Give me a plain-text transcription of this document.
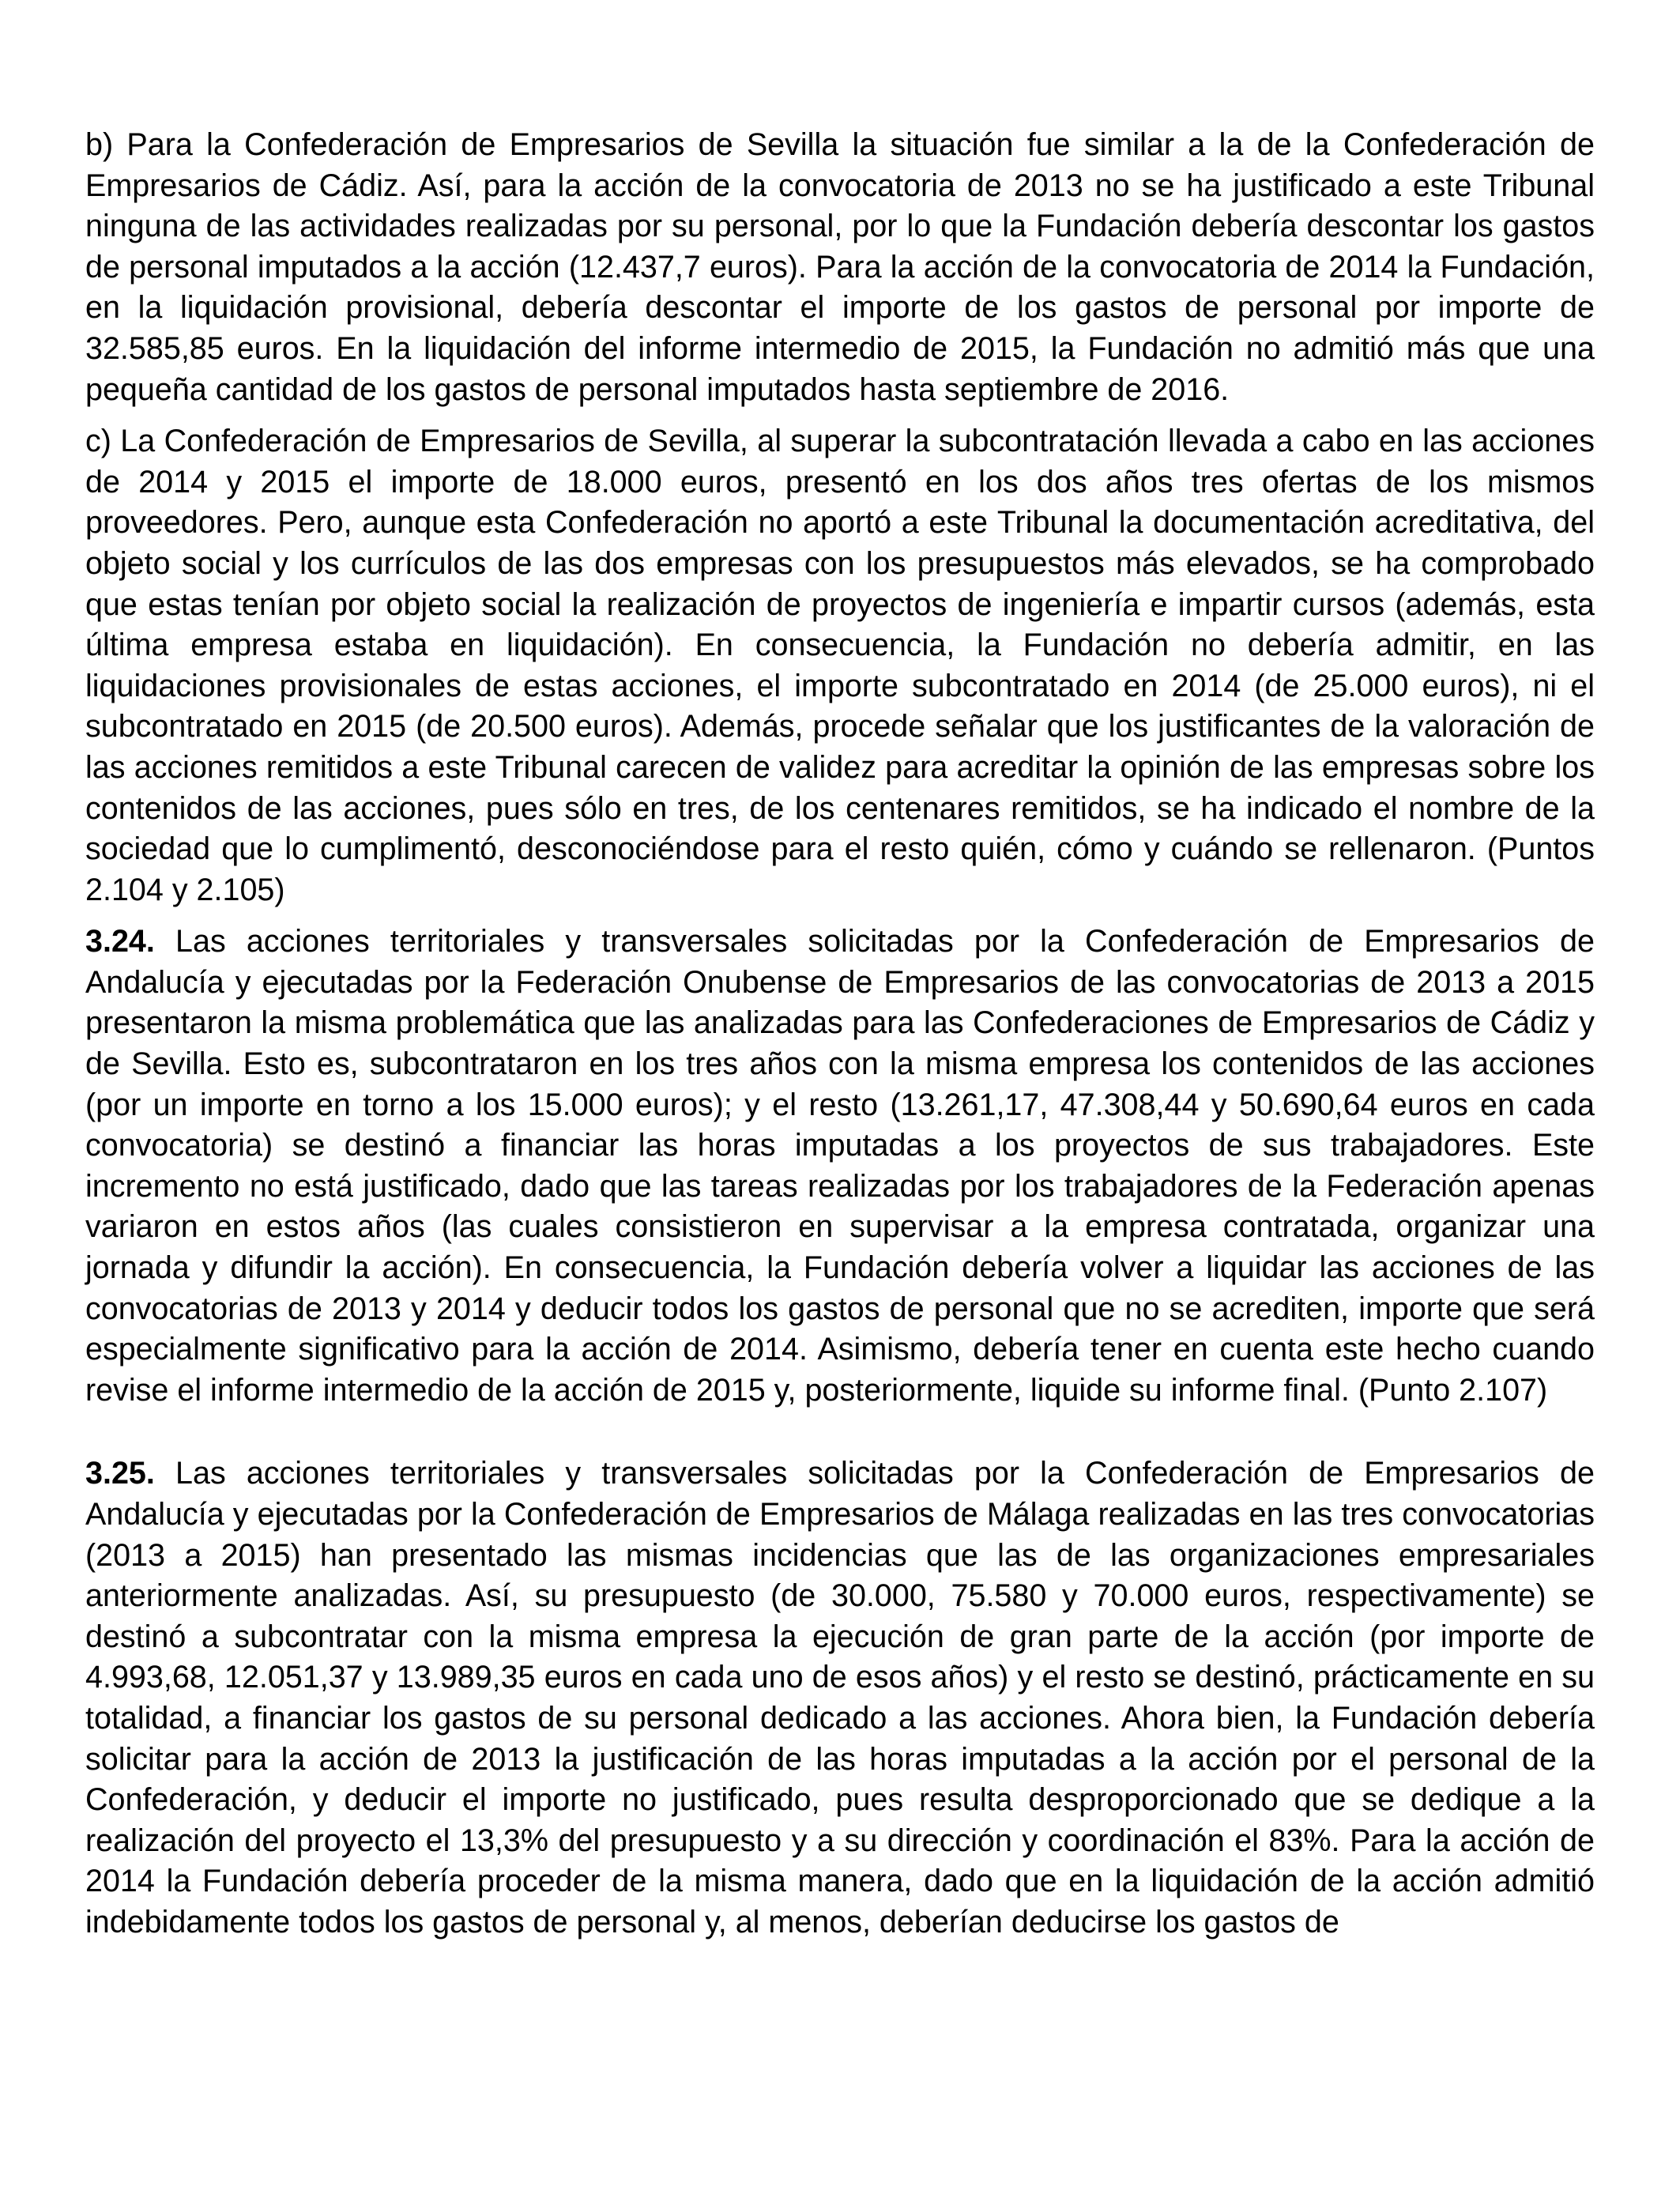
b) Para la Confederación de Empresarios de Sevilla la situación fue similar a la de la Confederación de Empresarios de Cádiz. Así, para la acción de la convocatoria de 2013 no se ha justificado a este Tribunal ninguna de las actividades realizadas por su personal, por lo que la Fundación debería descontar los gastos de personal imputados a la acción (12.437,7 euros). Para la acción de la convocatoria de 2014 la Fundación, en la liquidación provisional, debería descontar el importe de los gastos de personal por importe de 32.585,85 euros. En la liquidación del informe intermedio de 2015, la Fundación no admitió más que una pequeña cantidad de los gastos de personal imputados hasta septiembre de 2016.

c) La Confederación de Empresarios de Sevilla, al superar la subcontratación llevada a cabo en las acciones de 2014 y 2015 el importe de 18.000 euros, presentó en los dos años tres ofertas de los mismos proveedores. Pero, aunque esta Confederación no aportó a este Tribunal la documentación acreditativa, del objeto social y los currículos de las dos empresas con los presupuestos más elevados, se ha comprobado que estas tenían por objeto social la realización de proyectos de ingeniería e impartir cursos (además, esta última empresa estaba en liquidación). En consecuencia, la Fundación no debería admitir, en las liquidaciones provisionales de estas acciones, el importe subcontratado en 2014 (de 25.000 euros), ni el subcontratado en 2015 (de 20.500 euros). Además, procede señalar que los justificantes de la valoración de las acciones remitidos a este Tribunal carecen de validez para acreditar la opinión de las empresas sobre los contenidos de las acciones, pues sólo en tres, de los centenares remitidos, se ha indicado el nombre de la sociedad que lo cumplimentó, desconociéndose para el resto quién, cómo y cuándo se rellenaron. (Puntos 2.104 y 2.105)

3.24. Las acciones territoriales y transversales solicitadas por la Confederación de Empresarios de Andalucía y ejecutadas por la Federación Onubense de Empresarios de las convocatorias de 2013 a 2015 presentaron la misma problemática que las analizadas para las Confederaciones de Empresarios de Cádiz y de Sevilla. Esto es, subcontrataron en los tres años con la misma empresa los contenidos de las acciones (por un importe en torno a los 15.000 euros); y el resto (13.261,17, 47.308,44 y 50.690,64 euros en cada convocatoria) se destinó a financiar las horas imputadas a los proyectos de sus trabajadores. Este incremento no está justificado, dado que las tareas realizadas por los trabajadores de la Federación apenas variaron en estos años (las cuales consistieron en supervisar a la empresa contratada, organizar una jornada y difundir la acción). En consecuencia, la Fundación debería volver a liquidar las acciones de las convocatorias de 2013 y 2014 y deducir todos los gastos de personal que no se acrediten, importe que será especialmente significativo para la acción de 2014. Asimismo, debería tener en cuenta este hecho cuando revise el informe intermedio de la acción de 2015 y, posteriormente, liquide su informe final. (Punto 2.107)

3.25. Las acciones territoriales y transversales solicitadas por la Confederación de Empresarios de Andalucía y ejecutadas por la Confederación de Empresarios de Málaga realizadas en las tres convocatorias (2013 a 2015) han presentado las mismas incidencias que las de las organizaciones empresariales anteriormente analizadas. Así, su presupuesto (de 30.000, 75.580 y 70.000 euros, respectivamente) se destinó a subcontratar con la misma empresa la ejecución de gran parte de la acción (por importe de 4.993,68, 12.051,37 y 13.989,35 euros en cada uno de esos años) y el resto se destinó, prácticamente en su totalidad, a financiar los gastos de su personal dedicado a las acciones. Ahora bien, la Fundación debería solicitar para la acción de 2013 la justificación de las horas imputadas a la acción por el personal de la Confederación, y deducir el importe no justificado, pues resulta desproporcionado que se dedique a la realización del proyecto el 13,3% del presupuesto y a su dirección y coordinación el 83%. Para la acción de 2014 la Fundación debería proceder de la misma manera, dado que en la liquidación de la acción admitió indebidamente todos los gastos de personal y, al menos, deberían deducirse los gastos de
